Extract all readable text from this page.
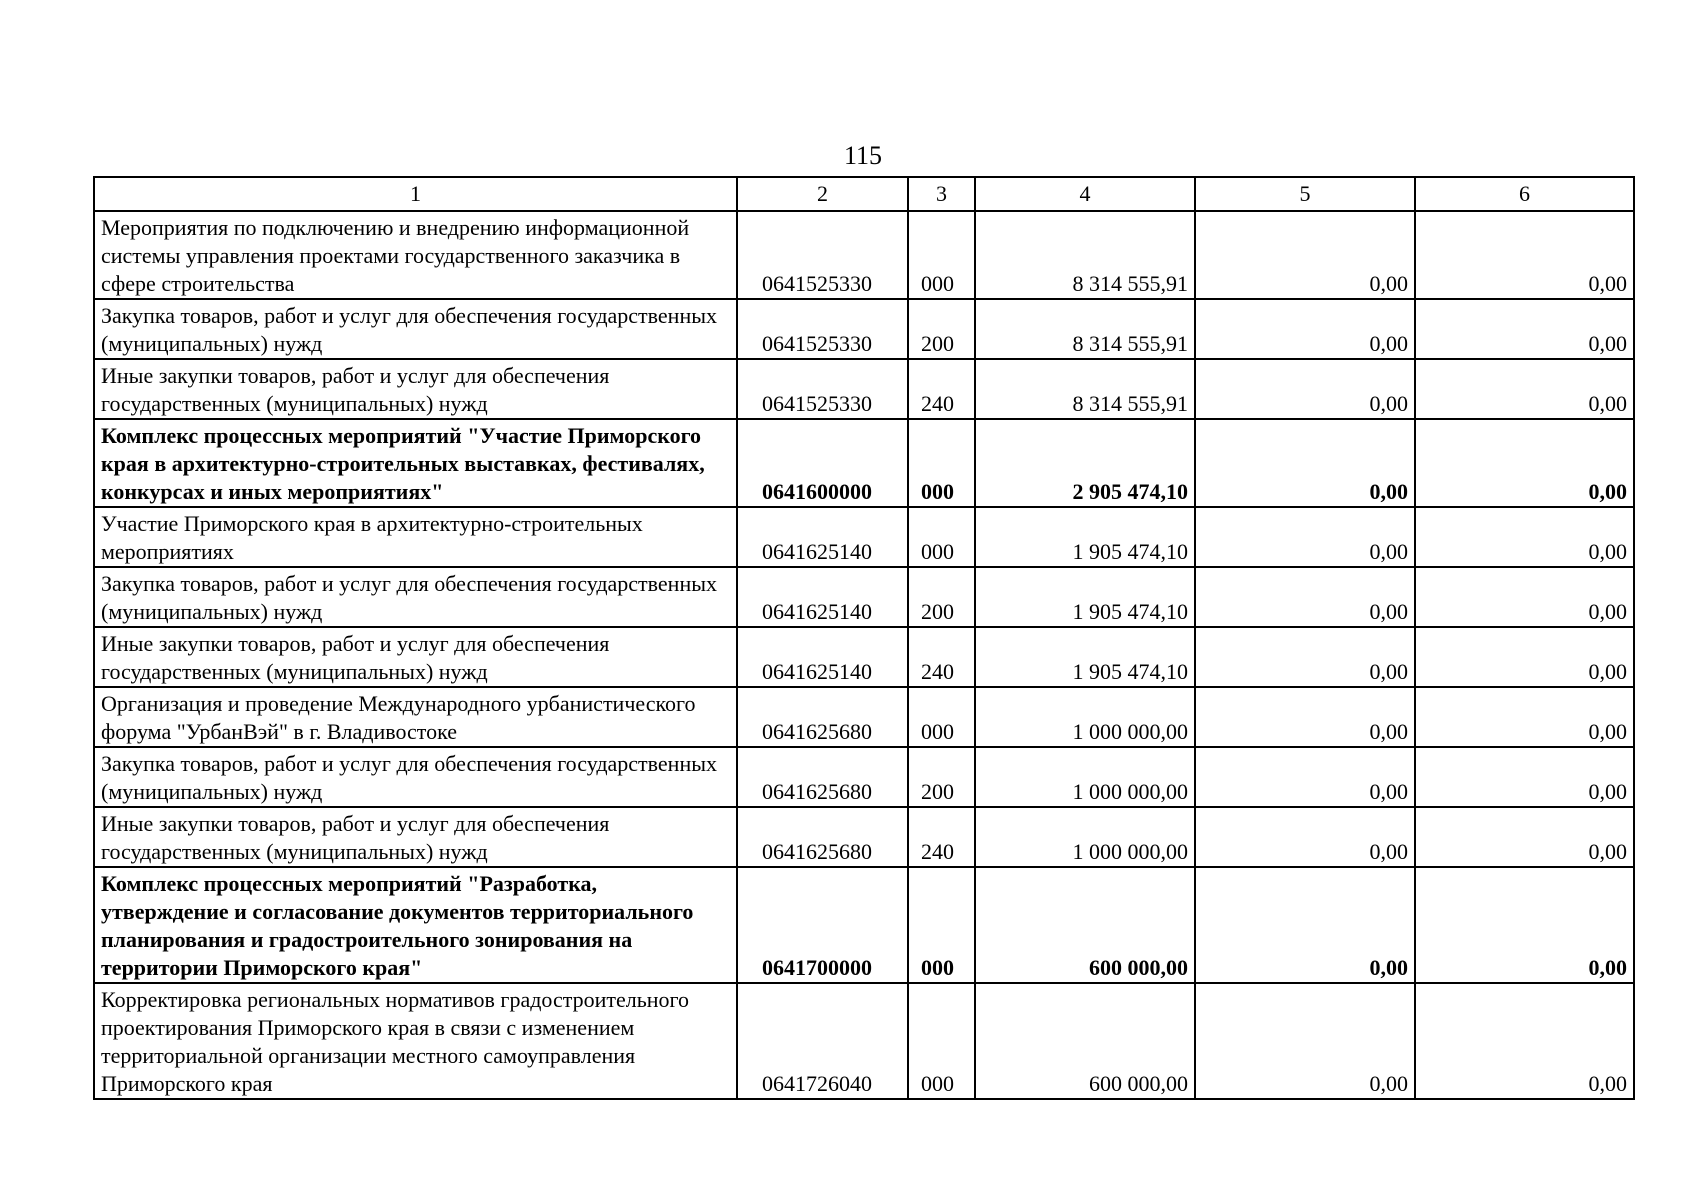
115
1	2	3	4	5	6
Мероприятия по подключению и внедрению информационной системы управления проектами государственного заказчика в сфере строительства	0641525330	000	8 314 555,91	0,00	0,00
Закупка товаров, работ и услуг для обеспечения государственных (муниципальных) нужд	0641525330	200	8 314 555,91	0,00	0,00
Иные закупки товаров, работ и услуг для обеспечения государственных (муниципальных) нужд	0641525330	240	8 314 555,91	0,00	0,00
Комплекс процессных мероприятий "Участие Приморского края в архитектурно-строительных выставках, фестивалях, конкурсах и иных мероприятиях"	0641600000	000	2 905 474,10	0,00	0,00
Участие Приморского края в архитектурно-строительных мероприятиях	0641625140	000	1 905 474,10	0,00	0,00
Закупка товаров, работ и услуг для обеспечения государственных (муниципальных) нужд	0641625140	200	1 905 474,10	0,00	0,00
Иные закупки товаров, работ и услуг для обеспечения государственных (муниципальных) нужд	0641625140	240	1 905 474,10	0,00	0,00
Организация и проведение Международного урбанистического форума "УрбанВэй" в г. Владивостоке	0641625680	000	1 000 000,00	0,00	0,00
Закупка товаров, работ и услуг для обеспечения государственных (муниципальных) нужд	0641625680	200	1 000 000,00	0,00	0,00
Иные закупки товаров, работ и услуг для обеспечения государственных (муниципальных) нужд	0641625680	240	1 000 000,00	0,00	0,00
Комплекс процессных мероприятий "Разработка, утверждение и согласование документов территориального планирования и градостроительного зонирования на территории Приморского края"	0641700000	000	600 000,00	0,00	0,00
Корректировка региональных нормативов градостроительного проектирования Приморского края в связи с изменением территориальной организации местного самоуправления Приморского края	0641726040	000	600 000,00	0,00	0,00
